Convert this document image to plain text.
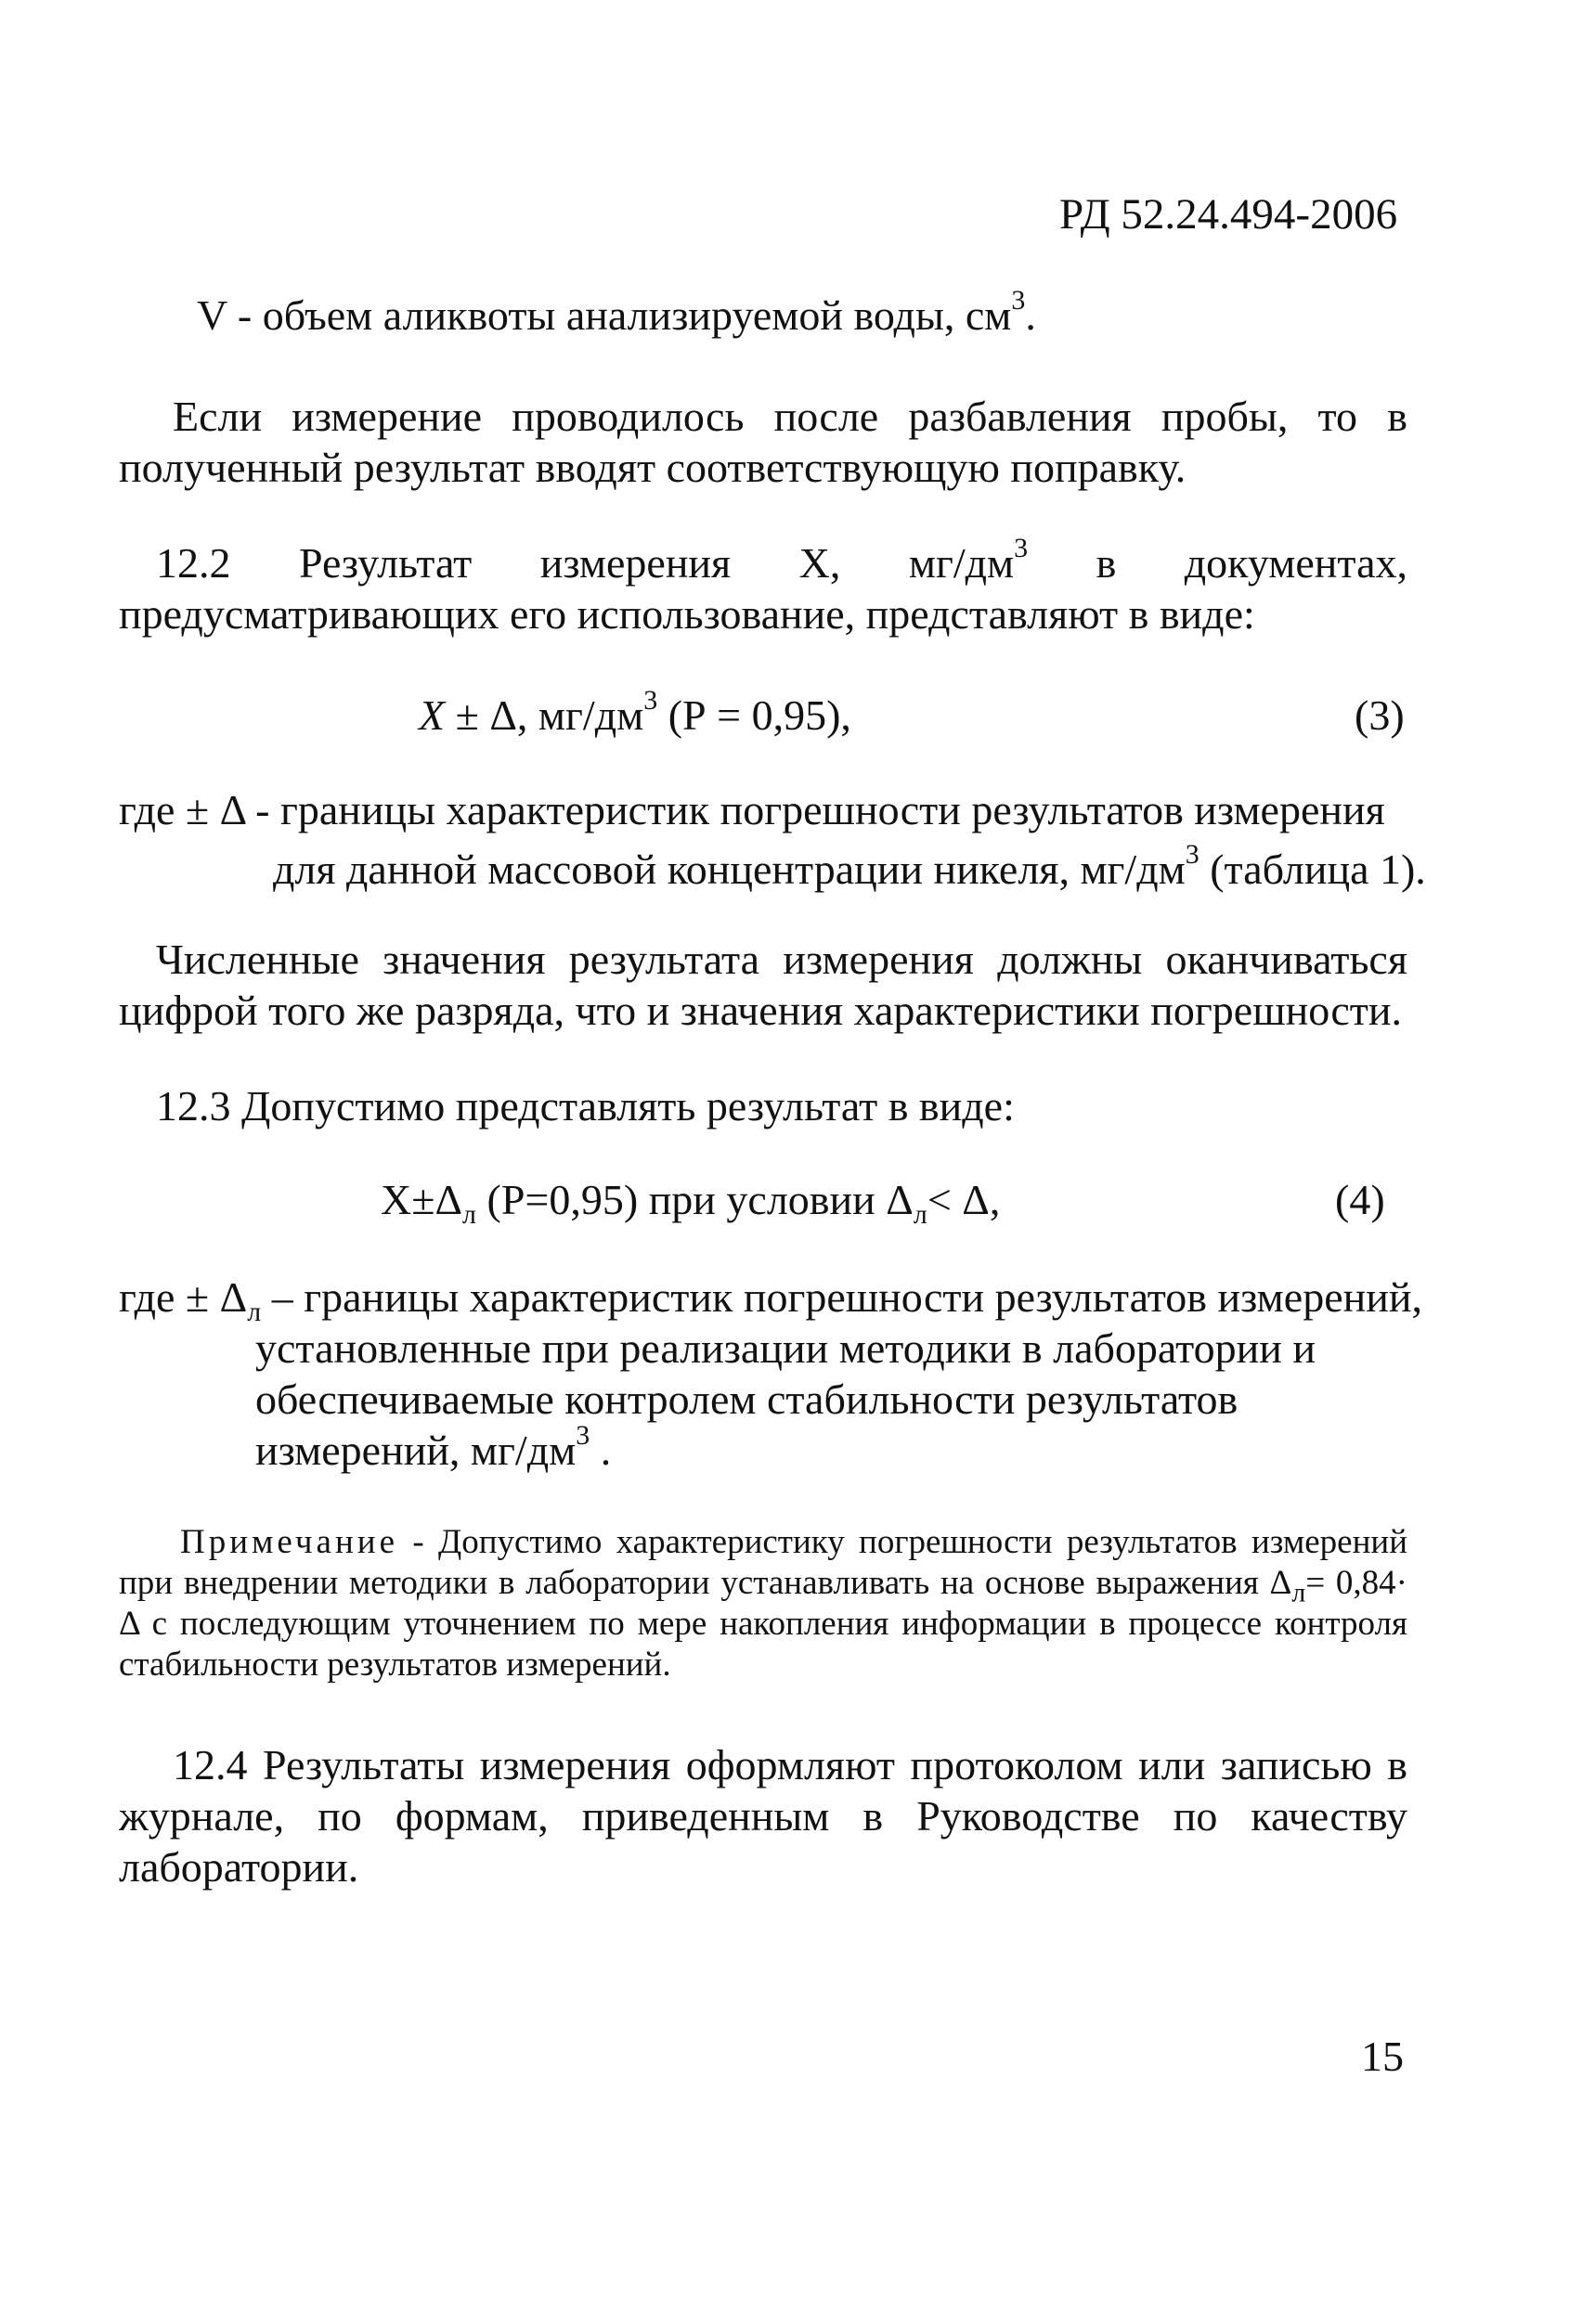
РД 52.24.494-2006
V - объем аликвоты анализируемой воды, $см^3$.

Если измерение проводилось после разбавления пробы, то в полученный результат вводят соответствующую поправку.

12.2 Результат измерения Х, $мг/дм^3$ в документах, предусматривающих его использование, представляют в виде:

Х ± Δ, $мг/дм^3$ (Р = 0,95),	(3)
где ± Δ - границы характеристик погрешности результатов измерения
для данной массовой концентрации никеля, $мг/дм^3$ (таблица 1).

Численные значения результата измерения должны оканчиваться цифрой того же разряда, что и значения характеристики погрешности.

12.3 Допустимо представлять результат в виде:
$Х\pm\Delta_л$ (Р=0,95) при условии $\Delta_л< \Delta$,	(4)
где ± $\Delta_л$ – границы характеристик погрешности результатов измерений,
установленные при реализации методики в лаборатории и
обеспечиваемые контролем стабильности результатов
измерений, $мг/дм^3$ .

Примечание - Допустимо характеристику погрешности результатов измерений при внедрении методики в лаборатории устанавливать на основе выражения $\Delta_л= 0,84\cdot \Delta$ с последующим уточнением по мере накопления информации в процессе контроля стабильности результатов измерений.

12.4 Результаты измерения оформляют протоколом или записью в журнале, по формам, приведенным в Руководстве по качеству лаборатории.

15
